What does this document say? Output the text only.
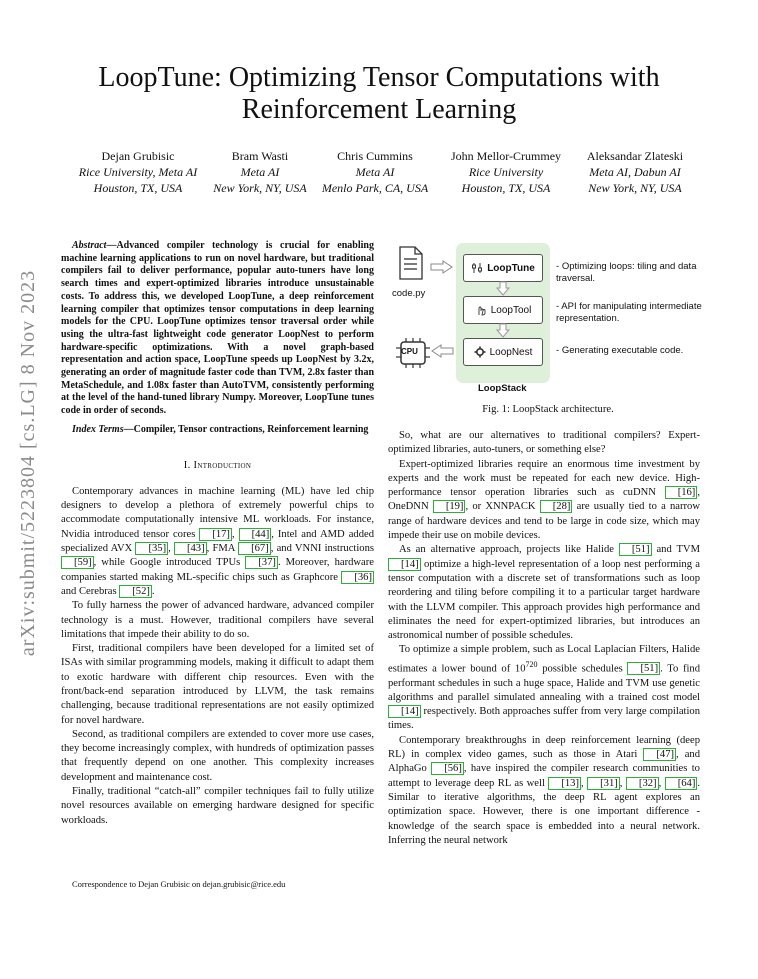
arXiv:submit/5223804 [cs.LG] 8 Nov 2023
LoopTune: Optimizing Tensor Computations with Reinforcement Learning
Dejan Grubisic
Rice University, Meta AI
Houston, TX, USA
Bram Wasti
Meta AI
New York, NY, USA
Chris Cummins
Meta AI
Menlo Park, CA, USA
John Mellor-Crummey
Rice University
Houston, TX, USA
Aleksandar Zlateski
Meta AI, Dabun AI
New York, NY, USA
Abstract—Advanced compiler technology is crucial for enabling machine learning applications to run on novel hardware, but traditional compilers fail to deliver performance, popular auto-tuners have long search times and expert-optimized libraries introduce unsustainable costs. To address this, we developed LoopTune, a deep reinforcement learning compiler that optimizes tensor computations in deep learning models for the CPU. LoopTune optimizes tensor traversal order while using the ultra-fast lightweight code generator LoopNest to perform hardware-specific optimizations. With a novel graph-based representation and action space, LoopTune speeds up LoopNest by 3.2x, generating an order of magnitude faster code than TVM, 2.8x faster than MetaSchedule, and 1.08x faster than AutoTVM, consistently performing at the level of the hand-tuned library Numpy. Moreover, LoopTune tunes code in order of seconds.
Index Terms—Compiler, Tensor contractions, Reinforcement learning
I. Introduction

Contemporary advances in machine learning (ML) have led chip designers to develop a plethora of extremely powerful chips to accommodate computationally intensive ML workloads. For instance, Nvidia introduced tensor cores [17] , [44] , Intel and AMD added specialized AVX [35] , [43] , FMA [67] , and VNNI instructions [59] , while Google introduced TPUs [37] . Moreover, hardware companies started making ML-specific chips such as Graphcore [36] and Cerebras [52] .

To fully harness the power of advanced hardware, advanced compiler technology is a must. However, traditional compilers have several limitations that impede their ability to do so.

First, traditional compilers have been developed for a limited set of ISAs with similar programming models, making it difficult to adapt them to exotic hardware with different chip resources. Even with the front/back-end separation introduced by LLVM, the task remains challenging, because traditional representations are not easily optimized for novel hardware.

Second, as traditional compilers are extended to cover more use cases, they become increasingly complex, with hundreds of optimization passes that frequently depend on one another. This complexity increases development and maintenance cost.

Finally, traditional “catch-all” compiler techniques fail to fully utilize novel resources available on emerging hardware designed for specific workloads.

Correspondence to Dejan Grubisic on dejan.grubisic@rice.edu
code.py
CPU
LoopTune
LoopTool
LoopNest
LoopStack
- Optimizing loops: tiling and data traversal.
- API for manipulating intermediate representation.
- Generating executable code.
Fig. 1: LoopStack architecture.

So, what are our alternatives to traditional compilers? Expert-optimized libraries, auto-tuners, or something else?

Expert-optimized libraries require an enormous time investment by experts and the work must be repeated for each new device. High-performance tensor operation libraries such as cuDNN [16] , OneDNN [19] , or XNNPACK [28] are usually tied to a narrow range of hardware devices and tend to be large in code size, which may impede their use on mobile devices.

As an alternative approach, projects like Halide [51] and TVM [14] optimize a high-level representation of a loop nest performing a tensor computation with a discrete set of transformations such as loop reordering and tiling before compiling it to a particular target hardware with the LLVM compiler. This approach provides high performance and eliminates the need for expert-optimized libraries, but introduces an astronomical number of possible schedules.

To optimize a simple problem, such as Local Laplacian Filters, Halide estimates a lower bound of $10^{720}$ possible schedules [51] . To find performant schedules in such a huge space, Halide and TVM use genetic algorithms and parallel simulated annealing with a trained cost model [14] respectively. Both approaches suffer from very large compilation times.

Contemporary breakthroughs in deep reinforcement learning (deep RL) in complex video games, such as those in Atari [47] , and AlphaGo [56] , have inspired the compiler research communities to attempt to leverage deep RL as well [13] , [31] , [32] , [64] . Similar to iterative algorithms, the deep RL agent explores an optimization space. However, there is one important difference - knowledge of the search space is embedded into a neural network. Inferring the neural network
